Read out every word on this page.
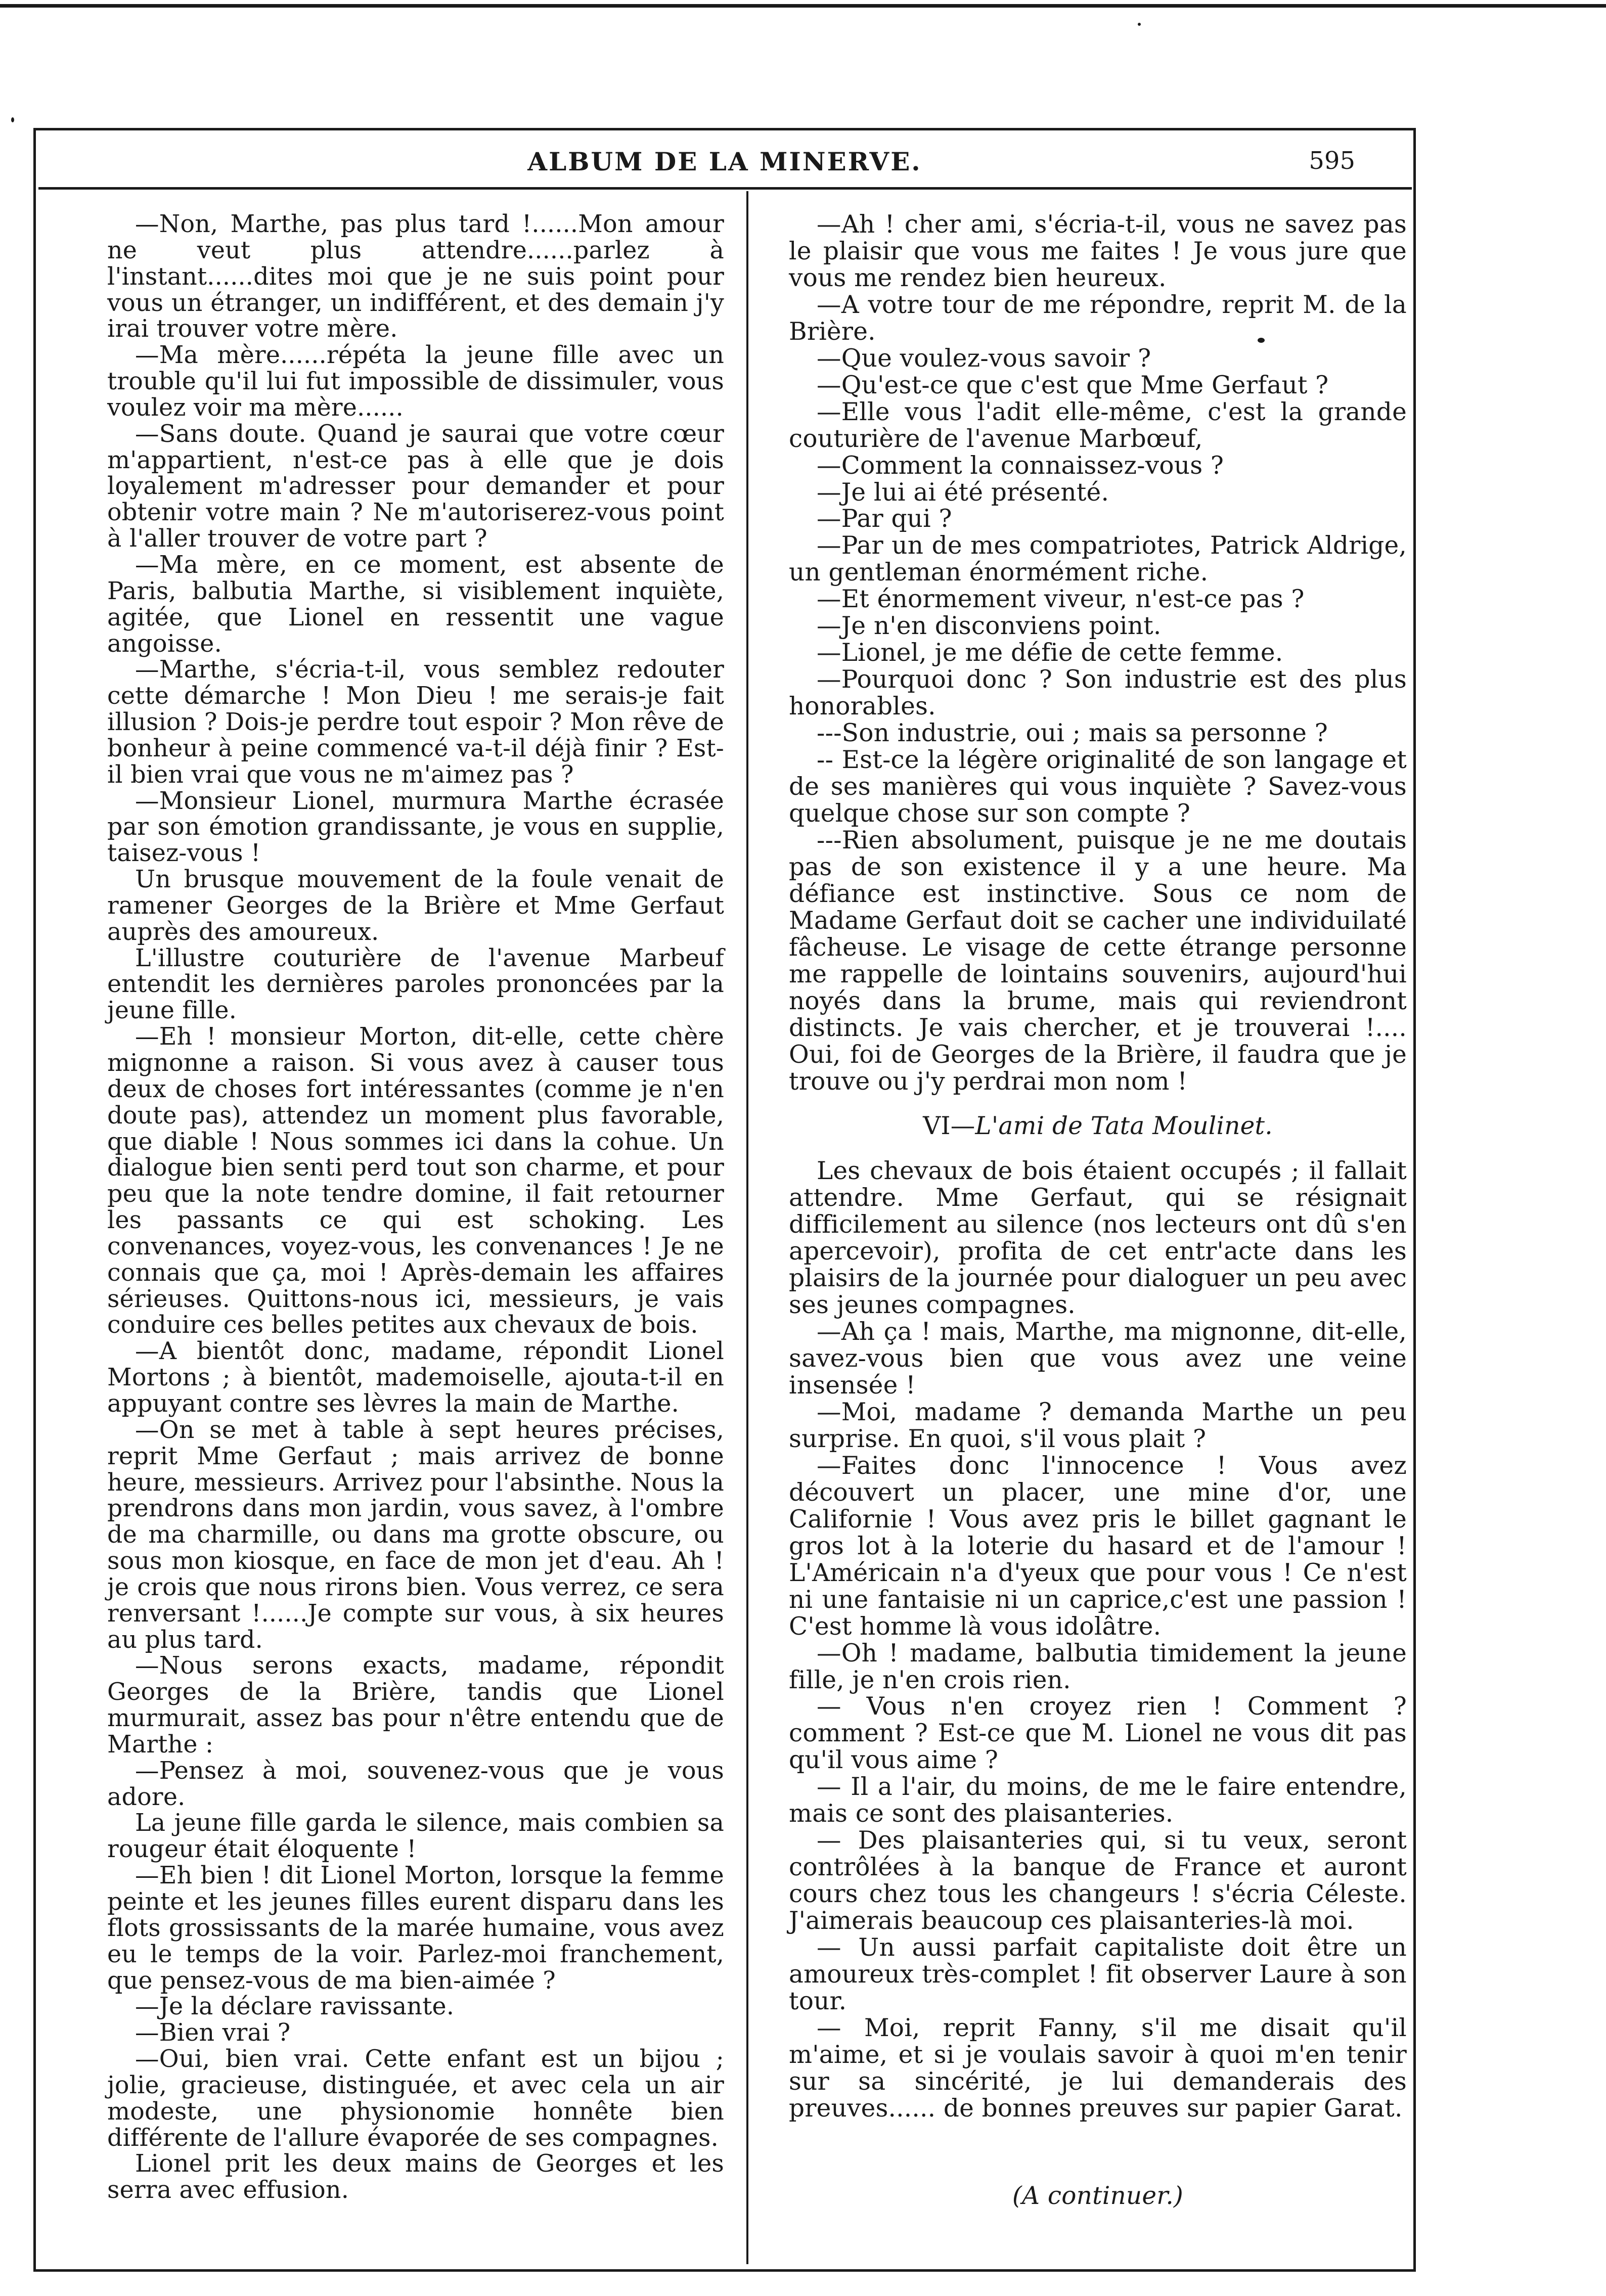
ALBUM DE LA MINERVE.	595

—Non, Marthe, pas plus tard !......Mon amour ne veut plus attendre......parlez à l'instant......dites moi que je ne suis point pour vous un étranger, un indifférent, et des demain j'y irai trouver votre mère.

—Ma mère......répéta la jeune fille avec un trouble qu'il lui fut impossible de dissimuler, vous voulez voir ma mère......

—Sans doute. Quand je saurai que votre cœur m'appartient, n'est-ce pas à elle que je dois loyalement m'adresser pour demander et pour obtenir votre main ? Ne m'autoriserez-vous point à l'aller trouver de votre part ?

—Ma mère, en ce moment, est absente de Paris, balbutia Marthe, si visiblement inquiète, agitée, que Lionel en ressentit une vague angoisse.

—Marthe, s'écria-t-il, vous semblez redouter cette démarche ! Mon Dieu ! me serais-je fait illusion ? Dois-je perdre tout espoir ? Mon rêve de bonheur à peine commencé va-t-il déjà finir ? Est-il bien vrai que vous ne m'aimez pas ?

—Monsieur Lionel, murmura Marthe écrasée par son émotion grandissante, je vous en supplie, taisez-vous !

Un brusque mouvement de la foule venait de ramener Georges de la Brière et Mme Gerfaut auprès des amoureux.

L'illustre couturière de l'avenue Marbeuf entendit les dernières paroles prononcées par la jeune fille.

—Eh ! monsieur Morton, dit-elle, cette chère mignonne a raison. Si vous avez à causer tous deux de choses fort intéressantes (comme je n'en doute pas), attendez un moment plus favorable, que diable ! Nous sommes ici dans la cohue. Un dialogue bien senti perd tout son charme, et pour peu que la note tendre domine, il fait retourner les passants ce qui est schoking. Les convenances, voyez-vous, les convenances ! Je ne connais que ça, moi ! Après-demain les affaires sérieuses. Quittons-nous ici, messieurs, je vais conduire ces belles petites aux chevaux de bois.

—A bientôt donc, madame, répondit Lionel Mortons ; à bientôt, mademoiselle, ajouta-t-il en appuyant contre ses lèvres la main de Marthe.

—On se met à table à sept heures précises, reprit Mme Gerfaut ; mais arrivez de bonne heure, messieurs. Arrivez pour l'absinthe. Nous la prendrons dans mon jardin, vous savez, à l'ombre de ma charmille, ou dans ma grotte obscure, ou sous mon kiosque, en face de mon jet d'eau. Ah ! je crois que nous rirons bien. Vous verrez, ce sera renversant !......Je compte sur vous, à six heures au plus tard.

—Nous serons exacts, madame, répondit Georges de la Brière, tandis que Lionel murmurait, assez bas pour n'être entendu que de Marthe :

—Pensez à moi, souvenez-vous que je vous adore.

La jeune fille garda le silence, mais combien sa rougeur était éloquente !

—Eh bien ! dit Lionel Morton, lorsque la femme peinte et les jeunes filles eurent disparu dans les flots grossissants de la marée humaine, vous avez eu le temps de la voir. Parlez-moi franchement, que pensez-vous de ma bien-aimée ?

—Je la déclare ravissante.

—Bien vrai ?

—Oui, bien vrai. Cette enfant est un bijou ; jolie, gracieuse, distinguée, et avec cela un air modeste, une physionomie honnête bien différente de l'allure évaporée de ses compagnes.

Lionel prit les deux mains de Georges et les serra avec effusion.

—Ah ! cher ami, s'écria-t-il, vous ne savez pas le plaisir que vous me faites ! Je vous jure que vous me rendez bien heureux.

—A votre tour de me répondre, reprit M. de la Brière.

—Que voulez-vous savoir ?

—Qu'est-ce que c'est que Mme Gerfaut ?

—Elle vous l'adit elle-même, c'est la grande couturière de l'avenue Marbœuf,

—Comment la connaissez-vous ?

—Je lui ai été présenté.

—Par qui ?

—Par un de mes compatriotes, Patrick Aldrige, un gentleman énormément riche.

—Et énormement viveur, n'est-ce pas ?

—Je n'en disconviens point.

—Lionel, je me défie de cette femme.

—Pourquoi donc ? Son industrie est des plus honorables.

---Son industrie, oui ; mais sa personne ?

-- Est-ce la légère originalité de son langage et de ses manières qui vous inquiète ? Savez-vous quelque chose sur son compte ?

---Rien absolument, puisque je ne me doutais pas de son existence il y a une heure. Ma défiance est instinctive. Sous ce nom de Madame Gerfaut doit se cacher une individuilaté fâcheuse. Le visage de cette étrange personne me rappelle de lointains souvenirs, aujourd'hui noyés dans la brume, mais qui reviendront distincts. Je vais chercher, et je trouverai !.... Oui, foi de Georges de la Brière, il faudra que je trouve ou j'y perdrai mon nom !

VI—L'ami de Tata Moulinet.

Les chevaux de bois étaient occupés ; il fallait attendre. Mme Gerfaut, qui se résignait difficilement au silence (nos lecteurs ont dû s'en apercevoir), profita de cet entr'acte dans les plaisirs de la journée pour dialoguer un peu avec ses jeunes compagnes.

—Ah ça ! mais, Marthe, ma mignonne, dit-elle, savez-vous bien que vous avez une veine insensée !

—Moi, madame ? demanda Marthe un peu surprise. En quoi, s'il vous plait ?

—Faites donc l'innocence ! Vous avez découvert un placer, une mine d'or, une Californie ! Vous avez pris le billet gagnant le gros lot à la loterie du hasard et de l'amour ! L'Américain n'a d'yeux que pour vous ! Ce n'est ni une fantaisie ni un caprice,c'est une passion ! C'est homme là vous idolâtre.

—Oh ! madame, balbutia timidement la jeune fille, je n'en crois rien.

— Vous n'en croyez rien ! Comment ? comment ? Est-ce que M. Lionel ne vous dit pas qu'il vous aime ?

— Il a l'air, du moins, de me le faire entendre, mais ce sont des plaisanteries.

— Des plaisanteries qui, si tu veux, seront contrôlées à la banque de France et auront cours chez tous les changeurs ! s'écria Céleste. J'aimerais beaucoup ces plaisanteries-là moi.

— Un aussi parfait capitaliste doit être un amoureux très-complet ! fit observer Laure à son tour.

— Moi, reprit Fanny, s'il me disait qu'il m'aime, et si je voulais savoir à quoi m'en tenir sur sa sincérité, je lui demanderais des preuves...... de bonnes preuves sur papier Garat.

(A continuer.)
